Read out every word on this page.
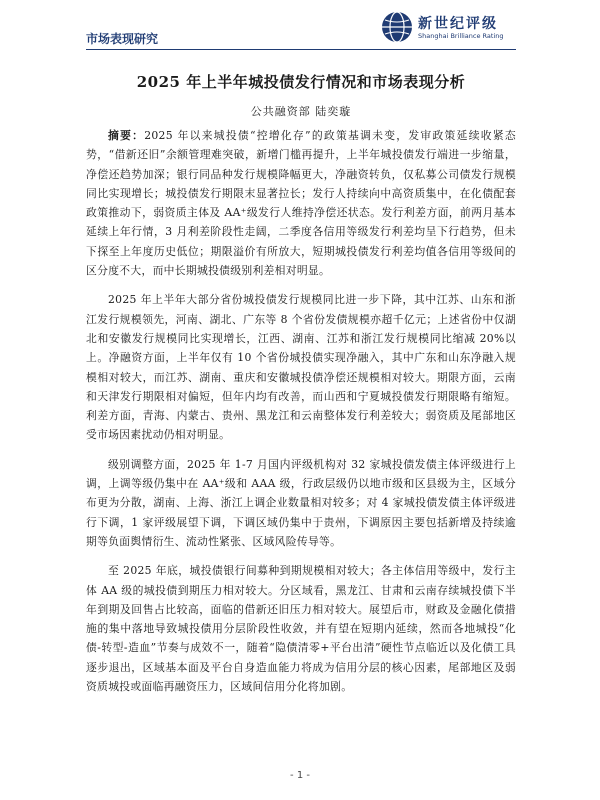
市场表现研究
新世纪评级
Shanghai Brilliance Rating
2025 年上半年城投债发行情况和市场表现分析
公共融资部 陆奕璇

摘要：2025 年以来城投债“控增化存”的政策基调未变，发审政策延续收紧态势，“借新还旧”余额管理难突破，新增门槛再提升，上半年城投债发行端进一步缩量，净偿还趋势加深；银行同品种发行规模降幅更大，净融资转负，仅私募公司债发行规模同比实现增长；城投债发行期限末显著拉长；发行人持续向中高资质集中，在化债配套政策推动下，弱资质主体及 AA⁺级发行人维持净偿还状态。发行利差方面，前两月基本延续上年行情，3 月利差阶段性走阔，二季度各信用等级发行利差均呈下行趋势，但未下探至上年度历史低位；期限溢价有所放大，短期城投债发行利差均值各信用等级间的区分度不大，而中长期城投债级别利差相对明显。

2025 年上半年大部分省份城投债发行规模同比进一步下降，其中江苏、山东和浙江发行规模领先，河南、湖北、广东等 8 个省份发债规模亦超千亿元；上述省份中仅湖北和安徽发行规模同比实现增长，江西、湖南、江苏和浙江发行规模同比缩减 20%以上。净融资方面，上半年仅有 10 个省份城投债实现净融入，其中广东和山东净融入规模相对较大，而江苏、湖南、重庆和安徽城投债净偿还规模相对较大。期限方面，云南和天津发行期限相对偏短，但年内均有改善，而山西和宁夏城投债发行期限略有缩短。利差方面，青海、内蒙古、贵州、黑龙江和云南整体发行利差较大；弱资质及尾部地区受市场因素扰动仍相对明显。

级别调整方面，2025 年 1-7 月国内评级机构对 32 家城投债发债主体评级进行上调，上调等级仍集中在 AA⁺级和 AAA 级，行政层级仍以地市级和区县级为主，区域分布更为分散，湖南、上海、浙江上调企业数量相对较多；对 4 家城投债发债主体评级进行下调，1 家评级展望下调，下调区域仍集中于贵州，下调原因主要包括新增及持续逾期等负面舆情衍生、流动性紧张、区域风险传导等。

至 2025 年底，城投债银行间募种到期规模相对较大；各主体信用等级中，发行主体 AA 级的城投债到期压力相对较大。分区域看，黑龙江、甘肃和云南存续城投债下半年到期及回售占比较高，面临的借新还旧压力相对较大。展望后市，财政及金融化债措施的集中落地导致城投债用分层阶段性收敛，并有望在短期内延续，然而各地城投“化债-转型-造血”节奏与成效不一，随着“隐债清零+平台出清”硬性节点临近以及化债工具逐步退出，区域基本面及平台自身造血能力将成为信用分层的核心因素，尾部地区及弱资质城投或面临再融资压力，区域间信用分化将加剧。

- 1 -
